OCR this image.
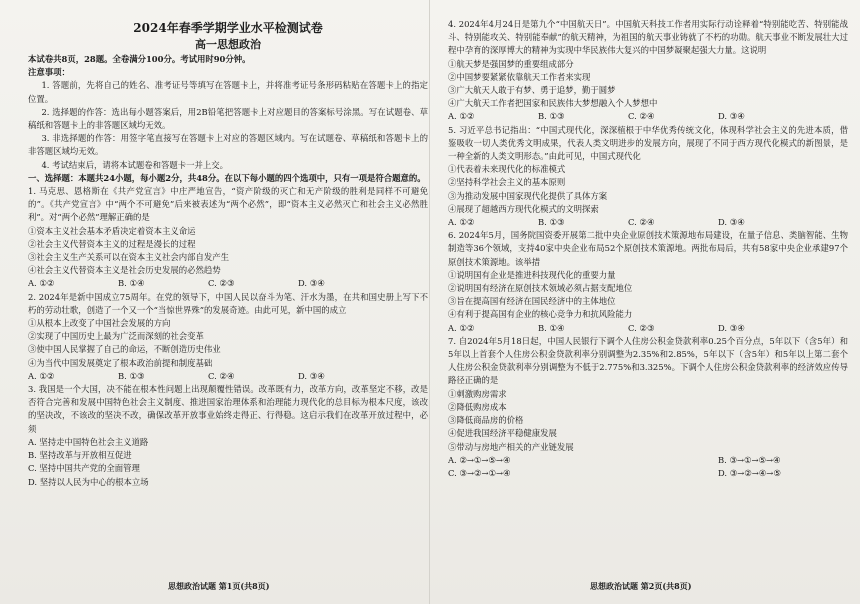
2024年春季学期学业水平检测试卷
高一思想政治

本试卷共8页，28题。全卷满分100分。考试用时90分钟。

注意事项：

1. 答题前，先将自己的姓名、准考证号等填写在答题卡上，并将准考证号条形码粘贴在答题卡上的指定位置。

2. 选择题的作答：选出每小题答案后，用2B铅笔把答题卡上对应题目的答案标号涂黑。写在试题卷、草稿纸和答题卡上的非答题区域均无效。

3. 非选择题的作答：用签字笔直接写在答题卡上对应的答题区域内。写在试题卷、草稿纸和答题卡上的非答题区域均无效。

4. 考试结束后，请将本试题卷和答题卡一并上交。

一、选择题：本题共24小题，每小题2分，共48分。在以下每小题的四个选项中，只有一项是符合题意的。

1. 马克思、恩格斯在《共产党宣言》中庄严地宣告，“资产阶级的灭亡和无产阶级的胜利是同样不可避免的”。《共产党宣言》中“两个不可避免”后来被表述为“两个必然”，即“资本主义必然灭亡和社会主义必然胜利”。对“两个必然”理解正确的是

①资本主义社会基本矛盾决定着资本主义命运

②社会主义代替资本主义的过程是漫长的过程

③社会主义生产关系可以在资本主义社会内部自发产生

④社会主义代替资本主义是社会历史发展的必然趋势

A. ①②	B. ①④	C. ②③	D. ③④

2. 2024年是新中国成立75周年。在党的领导下，中国人民以奋斗为笔、汗水为墨，在共和国史册上写下不朽的劳动壮歌，创造了一个又一个“当惊世界殊”的发展奇迹。由此可见，新中国的成立

①从根本上改变了中国社会发展的方向

②实现了中国历史上最为广泛而深刻的社会变革

③使中国人民掌握了自己的命运，不断创造历史伟业

④为当代中国发展奠定了根本政治前提和制度基础

A. ①②	B. ①③	C. ②④	D. ③④

3. 我国是一个大国，决不能在根本性问题上出现颠覆性错误。改革既有力，改革方向，改革坚定不移，改是否符合完善和发展中国特色社会主义制度、推进国家治理体系和治理能力现代化的总目标为根本尺度，该改的坚决改，不该改的坚决不改，确保改革开放事业始终走得正、行得稳。这启示我们在改革开放过程中，必须

A. 坚持走中国特色社会主义道路

B. 坚持改革与开放相互促进

C. 坚持中国共产党的全面管理

D. 坚持以人民为中心的根本立场

思想政治试题 第1页(共8页)

4. 2024年4月24日是第九个“中国航天日”。中国航天科技工作者用实际行动诠释着“特别能吃苦、特别能战斗、特别能攻关、特别能奉献”的航天精神，为祖国的航天事业铸就了不朽的功勋。航天事业不断发展壮大过程中孕育的深厚博大的精神为实现中华民族伟大复兴的中国梦凝聚起强大力量。这说明

①航天梦是强国梦的重要组成部分

②中国梦要紧紧依靠航天工作者来实现

③广大航天人敢于有梦、勇于追梦，勤于圆梦

④广大航天工作者把国家和民族伟大梦想融入个人梦想中

A. ①②	B. ①③	C. ②④	D. ③④

5. 习近平总书记指出：“中国式现代化，深深植根于中华优秀传统文化，体现科学社会主义的先进本质，借鉴吸收一切人类优秀文明成果，代表人类文明进步的发展方向，展现了不同于西方现代化模式的新图景，是一种全新的人类文明形态。”由此可见，中国式现代化

①代表着未来现代化的标准模式

②坚持科学社会主义的基本原则

③为推动发展中国家现代化提供了具体方案

④展现了超越西方现代化模式的文明探索

A. ①②	B. ①③	C. ②④	D. ③④

6. 2024年5月，国务院国资委开展第二批中央企业原创技术策源地布局建设，在量子信息、类脑智能、生物制造等36个领域，支持40家中央企业布局52个原创技术策源地。两批布局后，共有58家中央企业承建97个原创技术策源地。该举措

①说明国有企业是推进科技现代化的重要力量

②说明国有经济在原创技术领域必须占据支配地位

③旨在提高国有经济在国民经济中的主体地位

④有利于提高国有企业的核心竞争力和抗风险能力

A. ①②	B. ①④	C. ②③	D. ③④

7. 自2024年5月18日起，中国人民银行下调个人住房公积金贷款利率0.25个百分点，5年以下（含5年）和5年以上首套个人住房公积金贷款利率分别调整为2.35%和2.85%，5年以下（含5年）和5年以上第二套个人住房公积金贷款利率分别调整为不低于2.775%和3.325%。下调个人住房公积金贷款利率的经济效应传导路径正确的是

①刺激购房需求

②降低购房成本

③降低商品房的价格

④促进我国经济平稳健康发展

⑤带动与房地产相关的产业链发展

A. ②→①→⑤→④	B. ③→①→⑤→④
C. ③→②→①→④	D. ③→②→④→⑤
思想政治试题 第2页(共8页)
